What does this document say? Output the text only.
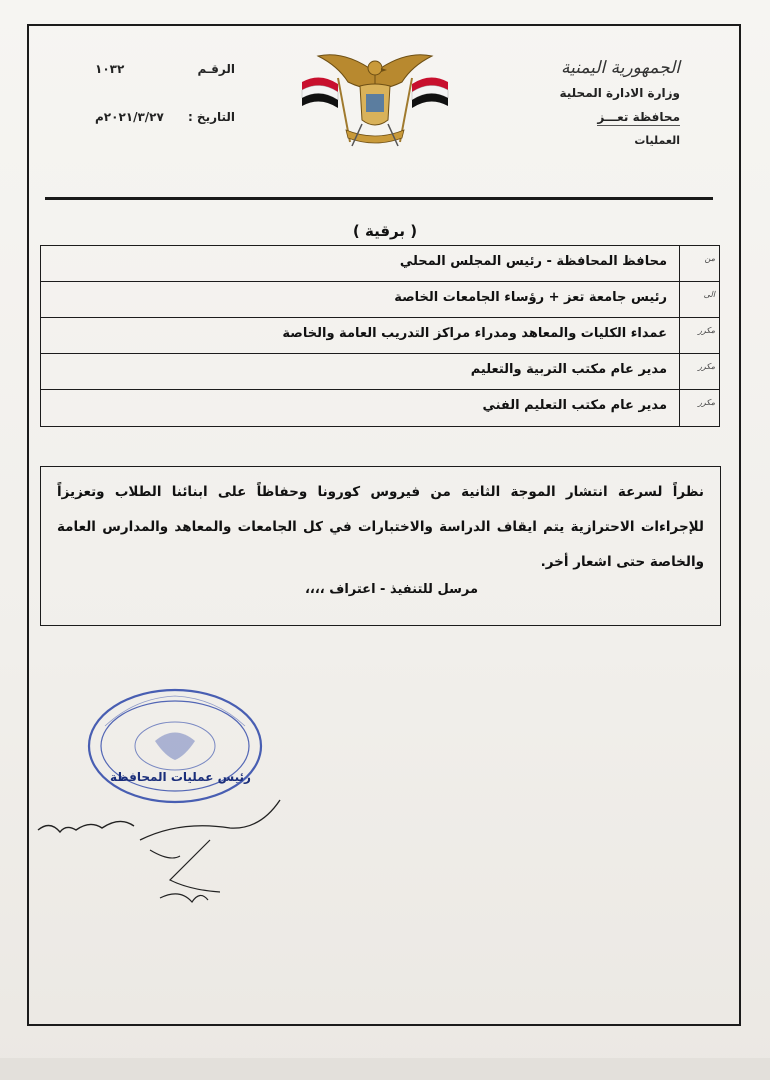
الجمهورية اليمنية
وزارة الادارة المحلية
محافظة تعـــز
العمليات
الرقـم
١٠٣٢
التاريخ :
٢٠٢١/٣/٢٧م
( برقية )
من
محافظ المحافظة - رئيس المجلس المحلي
الى
رئيس جامعة تعز + رؤساء الجامعات الخاصة
مكرر
عمداء الكليات والمعاهد ومدراء مراكز التدريب العامة والخاصة
مكرر
مدير عام مكتب التربية والتعليم
مكرر
مدير عام مكتب التعليم الفني

نظراً لسرعة انتشار الموجة الثانية من فيروس كورونا وحفاظاً على ابنائنا الطلاب وتعزيزاً للإجراءات الاحترازية يتم ايقاف الدراسة والاختبارات في كل الجامعات والمعاهد والمدارس العامة والخاصة حتى اشعار أخر.

مرسل للتنفيذ - اعتراف ،،،،
رئيس عمليات المحافظة
